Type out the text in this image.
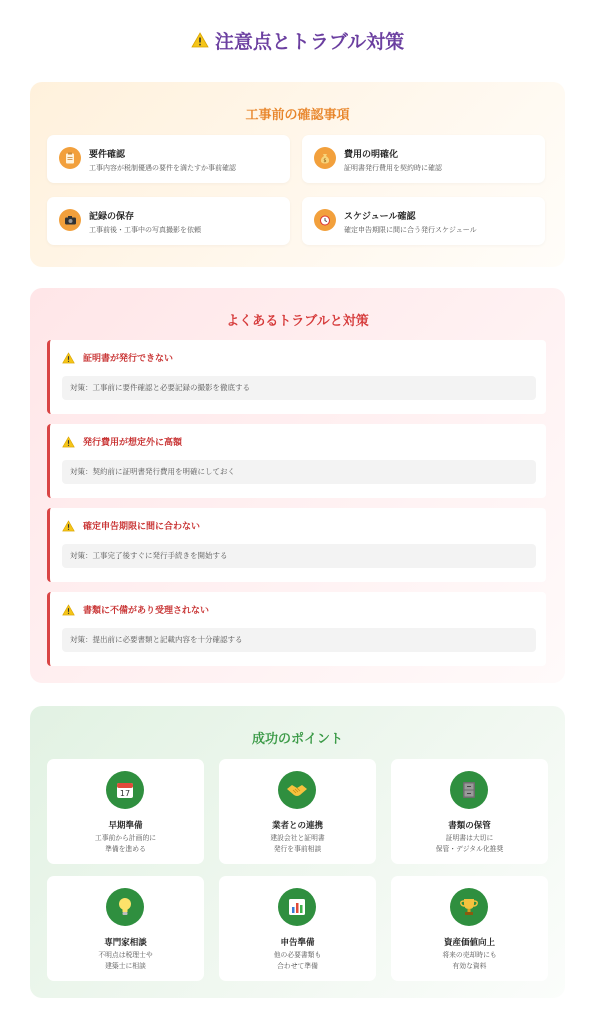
注意点とトラブル対策
工事前の確認事項
要件確認
工事内容が税制優遇の要件を満たすか事前確認
$
費用の明確化
証明書発行費用を契約時に確認
記録の保存
工事前後・工事中の写真撮影を依頼
スケジュール確認
確定申告期限に間に合う発行スケジュール
よくあるトラブルと対策
証明書が発行できない
対策：工事前に要件確認と必要記録の撮影を徹底する
発行費用が想定外に高額
対策：契約前に証明書発行費用を明確にしておく
確定申告期限に間に合わない
対策：工事完了後すぐに発行手続きを開始する
書類に不備があり受理されない
対策：提出前に必要書類と記載内容を十分確認する
成功のポイント
17
早期準備
工事前から計画的に
準備を進める
業者との連携
建設会社と証明書
発行を事前相談
書類の保管
証明書は大切に
保管・デジタル化推奨
専門家相談
不明点は税理士や
建築士に相談
申告準備
他の必要書類も
合わせて準備
資産価値向上
将来の売却時にも
有効な資料
